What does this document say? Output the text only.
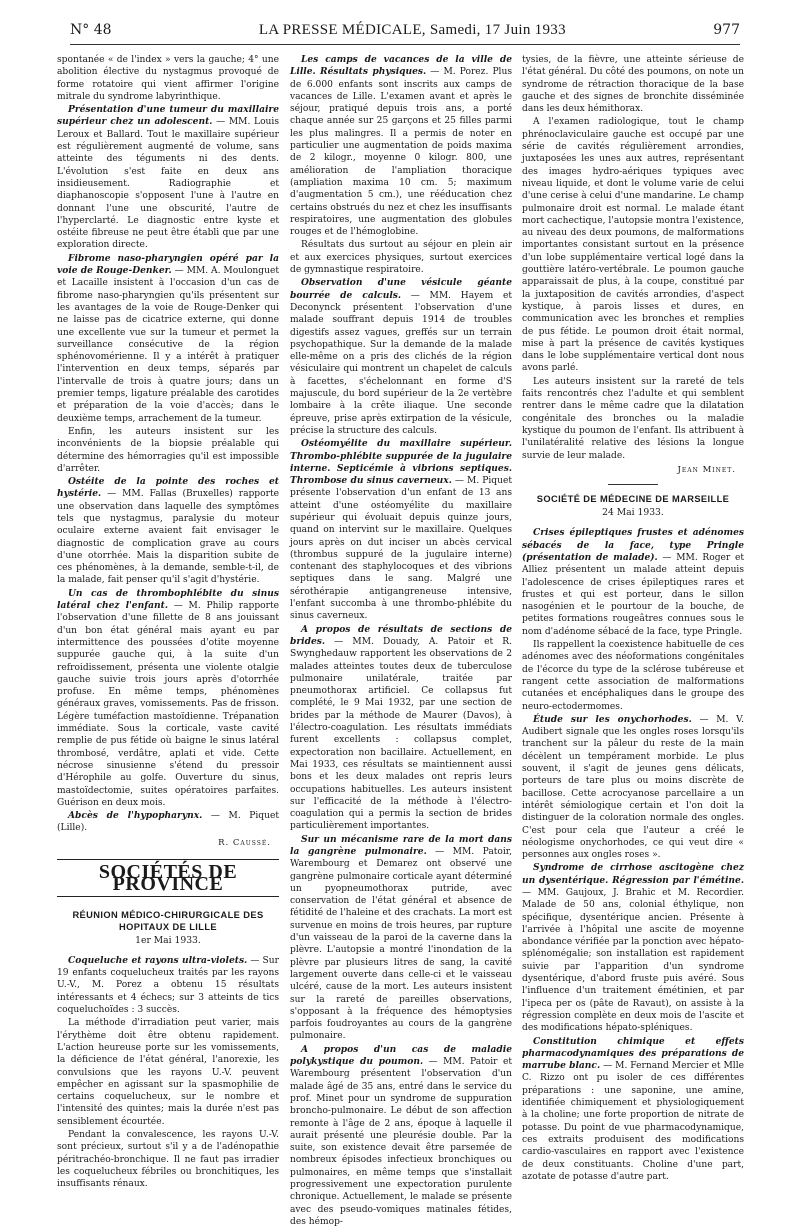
N° 48	LA PRESSE MÉDICALE, Samedi, 17 Juin 1933	977

spontanée « de l'index » vers la gauche; 4° une abolition élective du nystagmus provoqué de forme rotatoire qui vient affirmer l'origine mitrale du syndrome labyrinthique.

Présentation d'une tumeur du maxillaire supérieur chez un adolescent. — MM. Louis Leroux et Ballard. Tout le maxillaire supérieur est régulièrement augmenté de volume, sans atteinte des téguments ni des dents. L'évolution s'est faite en deux ans insidieusement. Radiographie et diaphanoscopie s'opposent l'une à l'autre en donnant l'une une obscurité, l'autre de l'hyperclarté. Le diagnostic entre kyste et ostéite fibreuse ne peut être établi que par une exploration directe.

Fibrome naso-pharyngien opéré par la voie de Rouge-Denker. — MM. A. Moulonguet et Lacaille insistent à l'occasion d'un cas de fibrome naso-pharyngien qu'ils présentent sur les avantages de la voie de Rouge-Denker qui ne laisse pas de cicatrice externe, qui donne une excellente vue sur la tumeur et permet la surveillance consécutive de la région sphénovomérienne. Il y a intérêt à pratiquer l'intervention en deux temps, séparés par l'intervalle de trois à quatre jours; dans un premier temps, ligature préalable des carotides et préparation de la voie d'accès; dans le deuxième temps, arrachement de la tumeur.

Enfin, les auteurs insistent sur les inconvénients de la biopsie préalable qui détermine des hémorragies qu'il est impossible d'arrêter.

Ostéite de la pointe des roches et hystérie. — MM. Fallas (Bruxelles) rapporte une observation dans laquelle des symptômes tels que nystagmus, paralysie du moteur oculaire externe avaient fait envisager le diagnostic de complication grave au cours d'une otorrhée. Mais la disparition subite de ces phénomènes, à la demande, semble-t-il, de la malade, fait penser qu'il s'agit d'hystérie.

Un cas de thrombophlébite du sinus latéral chez l'enfant. — M. Philip rapporte l'observation d'une fillette de 8 ans jouissant d'un bon état général mais ayant eu par intermittence des poussées d'otite moyenne suppurée gauche qui, à la suite d'un refroidissement, présenta une violente otalgie gauche suivie trois jours après d'otorrhée profuse. En même temps, phénomènes généraux graves, vomissements. Pas de frisson. Légère tuméfaction mastoïdienne. Trépanation immédiate. Sous la corticale, vaste cavité remplie de pus fétide où baigne le sinus latéral thrombosé, verdâtre, aplati et vide. Cette nécrose sinusienne s'étend du pressoir d'Hérophile au golfe. Ouverture du sinus, mastoïdectomie, suites opératoires parfaites. Guérison en deux mois.

Abcès de l'hypopharynx. — M. Piquet (Lille).

R. Caussé.

SOCIÉTÉS DE PROVINCE
RÉUNION MÉDICO-CHIRURGICALE DES HOPITAUX DE LILLE
1er Mai 1933.

Coqueluche et rayons ultra-violets. — Sur 19 enfants coquelucheux traités par les rayons U.-V., M. Porez a obtenu 15 résultats intéressants et 4 échecs; sur 3 atteints de tics coqueluchoïdes : 3 succès.

La méthode d'irradiation peut varier, mais l'érythème doit être obtenu rapidement. L'action heureuse porte sur les vomissements, la déficience de l'état général, l'anorexie, les convulsions que les rayons U.-V. peuvent empêcher en agissant sur la spasmophilie de certains coquelucheux, sur le nombre et l'intensité des quintes; mais la durée n'est pas sensiblement écourtée.

Pendant la convalescence, les rayons U.-V. sont précieux, surtout s'il y a de l'adénopathie péritrachéo-bronchique. Il ne faut pas irradier les coquelucheux fébriles ou bronchitiques, les insuffisants rénaux.

Les camps de vacances de la ville de Lille. Résultats physiques. — M. Porez. Plus de 6.000 enfants sont inscrits aux camps de vacances de Lille. L'examen avant et après le séjour, pratiqué depuis trois ans, a porté chaque année sur 25 garçons et 25 filles parmi les plus malingres. Il a permis de noter en particulier une augmentation de poids maxima de 2 kilogr., moyenne 0 kilogr. 800, une amélioration de l'ampliation thoracique (ampliation maxima 10 cm. 5; maximum d'augmentation 5 cm.), une rééducation chez certains obstrués du nez et chez les insuffisants respiratoires, une augmentation des globules rouges et de l'hémoglobine.

Résultats dus surtout au séjour en plein air et aux exercices physiques, surtout exercices de gymnastique respiratoire.

Observation d'une vésicule géante bourrée de calculs. — MM. Hayem et Deconynck présentent l'observation d'une malade souffrant depuis 1914 de troubles digestifs assez vagues, greffés sur un terrain psychopathique. Sur la demande de la malade elle-même on a pris des clichés de la région vésiculaire qui montrent un chapelet de calculs à facettes, s'échelonnant en forme d'S majuscule, du bord supérieur de la 2e vertèbre lombaire à la crête iliaque. Une seconde épreuve, prise après extirpation de la vésicule, précise la structure des calculs.

Ostéomyélite du maxillaire supérieur. Thrombo-phlébite suppurée de la jugulaire interne. Septicémie à vibrions septiques. Thrombose du sinus caverneux. — M. Piquet présente l'observation d'un enfant de 13 ans atteint d'une ostéomyélite du maxillaire supérieur qui évoluait depuis quinze jours, quand on intervint sur le maxillaire. Quelques jours après on dut inciser un abcès cervical (thrombus suppuré de la jugulaire interne) contenant des staphylocoques et des vibrions septiques dans le sang. Malgré une sérothérapie antigangreneuse intensive, l'enfant succomba à une thrombo-phlébite du sinus caverneux.

A propos de résultats de sections de brides. — MM. Douady, A. Patoir et R. Swynghedauw rapportent les observations de 2 malades atteintes toutes deux de tuberculose pulmonaire unilatérale, traitée par pneumothorax artificiel. Ce collapsus fut complété, le 9 Mai 1932, par une section de brides par la méthode de Maurer (Davos), à l'électro-coagulation. Les résultats immédiats furent excellents : collapsus complet, expectoration non bacillaire. Actuellement, en Mai 1933, ces résultats se maintiennent aussi bons et les deux malades ont repris leurs occupations habituelles. Les auteurs insistent sur l'efficacité de la méthode à l'électro-coagulation qui a permis la section de brides particulièrement importantes.

Sur un mécanisme rare de la mort dans la gangrène pulmonaire. — MM. Patoir, Warembourg et Demarez ont observé une gangrène pulmonaire corticale ayant déterminé un pyopneumothorax putride, avec conservation de l'état général et absence de fétidité de l'haleine et des crachats. La mort est survenue en moins de trois heures, par rupture d'un vaisseau de la paroi de la caverne dans la plèvre. L'autopsie a montré l'inondation de la plèvre par plusieurs litres de sang, la cavité largement ouverte dans celle-ci et le vaisseau ulcéré, cause de la mort. Les auteurs insistent sur la rareté de pareilles observations, s'opposant à la fréquence des hémoptysies parfois foudroyantes au cours de la gangrène pulmonaire.

A propos d'un cas de maladie polykystique du poumon. — MM. Patoir et Warembourg présentent l'observation d'un malade âgé de 35 ans, entré dans le service du prof. Minet pour un syndrome de suppuration broncho-pulmonaire. Le début de son affection remonte à l'âge de 2 ans, époque à laquelle il aurait présenté une pleurésie double. Par la suite, son existence devait être parsemée de nombreux épisodes infectieux bronchiques ou pulmonaires, en même temps que s'installait progressivement une expectoration purulente chronique. Actuellement, le malade se présente avec des pseudo-vomiques matinales fétides, des hémop-

tysies, de la fièvre, une atteinte sérieuse de l'état général. Du côté des poumons, on note un syndrome de rétraction thoracique de la base gauche et des signes de bronchite disséminée dans les deux hémithorax.

A l'examen radiologique, tout le champ phrénoclaviculaire gauche est occupé par une série de cavités régulièrement arrondies, juxtaposées les unes aux autres, représentant des images hydro-aériques typiques avec niveau liquide, et dont le volume varie de celui d'une cerise à celui d'une mandarine. Le champ pulmonaire droit est normal. Le malade étant mort cachectique, l'autopsie montra l'existence, au niveau des deux poumons, de malformations importantes consistant surtout en la présence d'un lobe supplémentaire vertical logé dans la gouttière latéro-vertébrale. Le poumon gauche apparaissait de plus, à la coupe, constitué par la juxtaposition de cavités arrondies, d'aspect kystique, à parois lisses et dures, en communication avec les bronches et remplies de pus fétide. Le poumon droit était normal, mise à part la présence de cavités kystiques dans le lobe supplémentaire vertical dont nous avons parlé.

Les auteurs insistent sur la rareté de tels faits rencontrés chez l'adulte et qui semblent rentrer dans le même cadre que la dilatation congénitale des bronches ou la maladie kystique du poumon de l'enfant. Ils attribuent à l'unilatéralité relative des lésions la longue survie de leur malade.

Jean Minet.

SOCIÉTÉ DE MÉDECINE DE MARSEILLE
24 Mai 1933.

Crises épileptiques frustes et adénomes sébacés de la face, type Pringle (présentation de malade). — MM. Roger et Alliez présentent un malade atteint depuis l'adolescence de crises épileptiques rares et frustes et qui est porteur, dans le sillon nasogénien et le pourtour de la bouche, de petites formations rougeâtres connues sous le nom d'adénome sébacé de la face, type Pringle.

Ils rappellent la coexistence habituelle de ces adénomes avec des néoformations congénitales de l'écorce du type de la sclérose tubéreuse et rangent cette association de malformations cutanées et encéphaliques dans le groupe des neuro-ectodermomes.

Étude sur les onychorhodes. — M. V. Audibert signale que les ongles roses lorsqu'ils tranchent sur la pâleur du reste de la main décèlent un tempérament morbide. Le plus souvent, il s'agit de jeunes gens délicats, porteurs de tare plus ou moins discrète de bacillose. Cette acrocyanose parcellaire a un intérêt sémiologique certain et l'on doit la distinguer de la coloration normale des ongles. C'est pour cela que l'auteur a créé le néologisme onychorhodes, ce qui veut dire « personnes aux ongles roses ».

Syndrome de cirrhose ascitogène chez un dysentérique. Régression par l'émétine. — MM. Gaujoux, J. Brahic et M. Recordier. Malade de 50 ans, colonial éthylique, non spécifique, dysentérique ancien. Présente à l'arrivée à l'hôpital une ascite de moyenne abondance vérifiée par la ponction avec hépato-splénomégalie; son installation est rapidement suivie par l'apparition d'un syndrome dysentérique, d'abord fruste puis avéré. Sous l'influence d'un traitement émétinien, et par l'ipeca per os (pâte de Ravaut), on assiste à la régression complète en deux mois de l'ascite et des modifications hépato-spléniques.

Constitution chimique et effets pharmacodynamiques des préparations de marrube blanc. — M. Fernand Mercier et Mlle C. Rizzo ont pu isoler de ces différentes préparations : une saponine, une amine, identifiée chimiquement et physiologiquement à la choline; une forte proportion de nitrate de potasse. Du point de vue pharmacodynamique, ces extraits produisent des modifications cardio-vasculaires en rapport avec l'existence de deux constituants. Choline d'une part, azotate de potasse d'autre part.
